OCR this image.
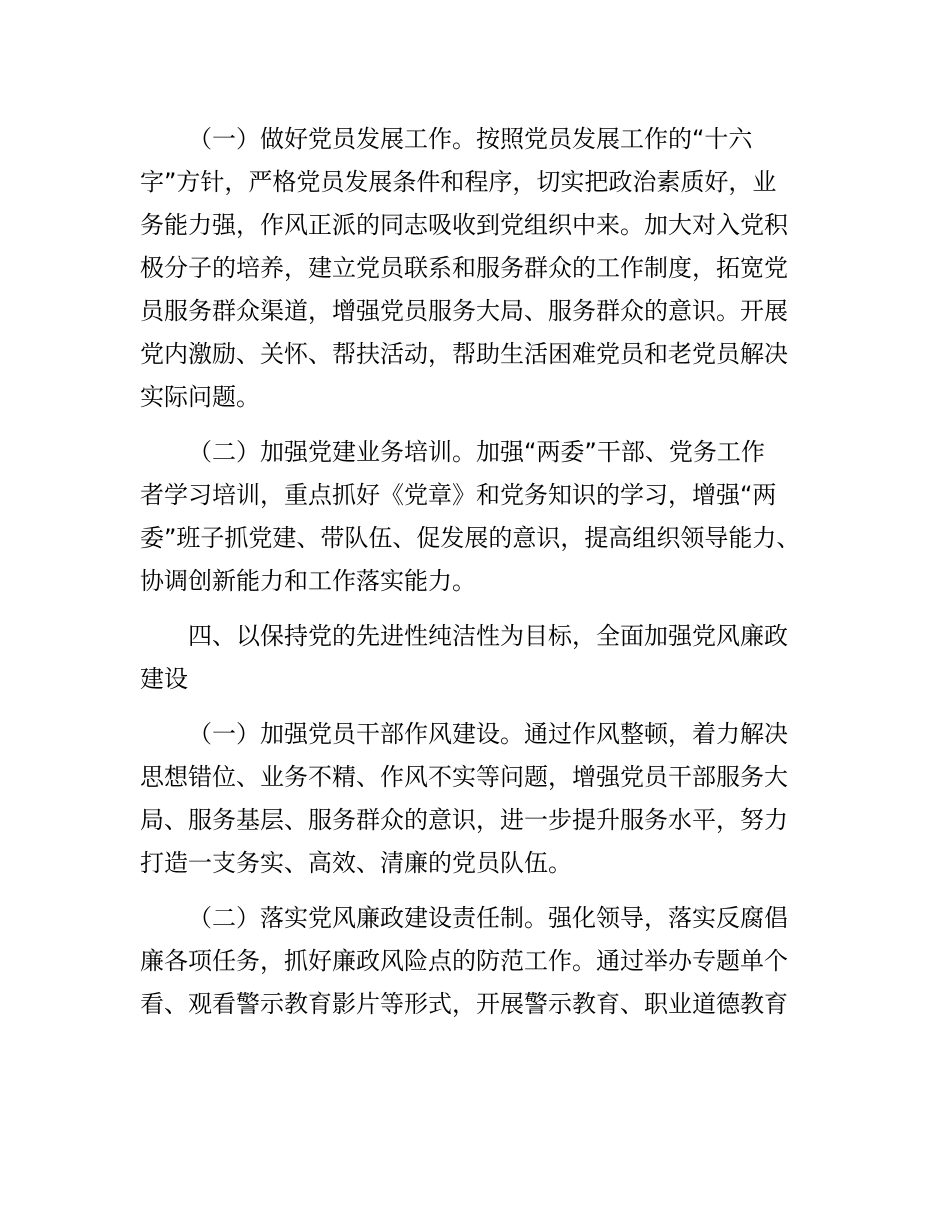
（一）做好党员发展工作。按照党员发展工作的“十六
字”方针，严格党员发展条件和程序，切实把政治素质好，业
务能力强，作风正派的同志吸收到党组织中来。加大对入党积
极分子的培养，建立党员联系和服务群众的工作制度，拓宽党
员服务群众渠道，增强党员服务大局、服务群众的意识。开展
党内激励、关怀、帮扶活动，帮助生活困难党员和老党员解决
实际问题。
（二）加强党建业务培训。加强“两委”干部、党务工作
者学习培训，重点抓好《党章》和党务知识的学习，增强“两
委”班子抓党建、带队伍、促发展的意识，提高组织领导能力、
协调创新能力和工作落实能力。
四、以保持党的先进性纯洁性为目标，全面加强党风廉政
建设
（一）加强党员干部作风建设。通过作风整顿，着力解决
思想错位、业务不精、作风不实等问题，增强党员干部服务大
局、服务基层、服务群众的意识，进一步提升服务水平，努力
打造一支务实、高效、清廉的党员队伍。
（二）落实党风廉政建设责任制。强化领导，落实反腐倡
廉各项任务，抓好廉政风险点的防范工作。通过举办专题单个
看、观看警示教育影片等形式，开展警示教育、职业道德教育
